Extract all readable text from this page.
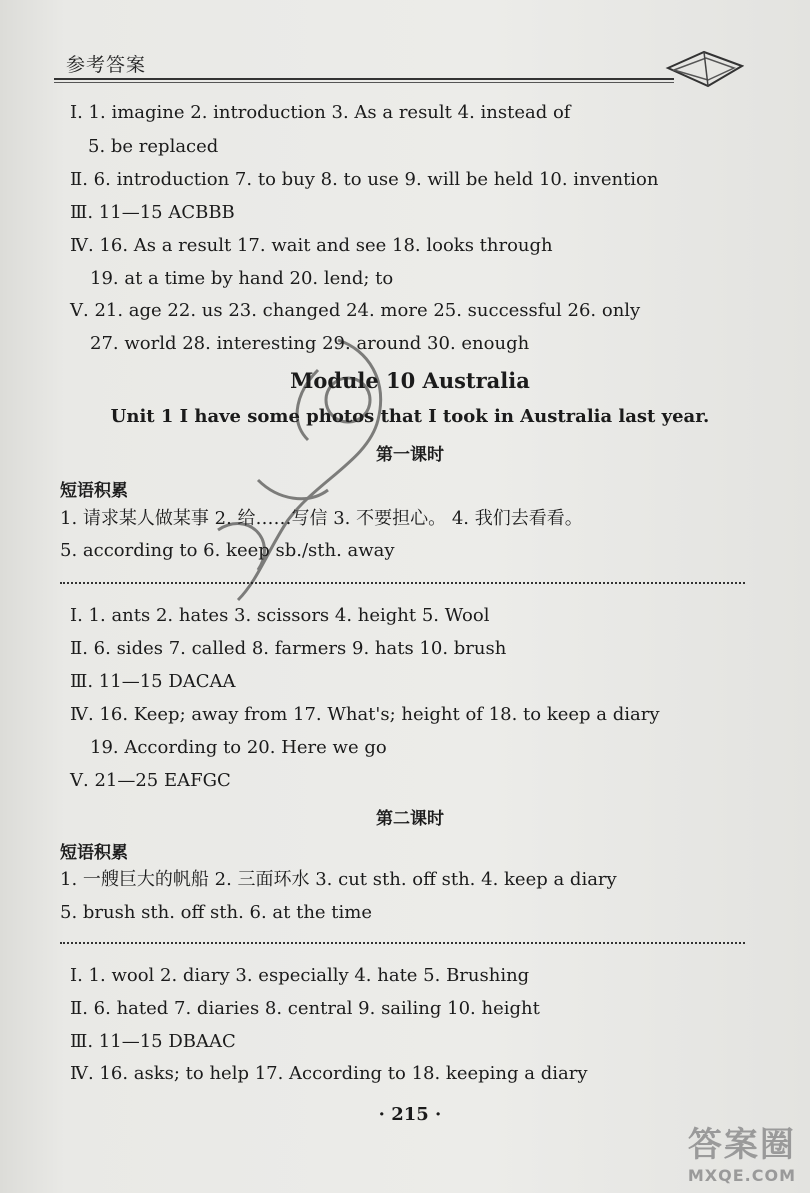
参考答案
Ⅰ. 1. imagine 2. introduction 3. As a result 4. instead of
5. be replaced
Ⅱ. 6. introduction 7. to buy 8. to use 9. will be held 10. invention
Ⅲ. 11—15 ACBBB
Ⅳ. 16. As a result 17. wait and see 18. looks through
19. at a time by hand 20. lend; to
Ⅴ. 21. age 22. us 23. changed 24. more 25. successful 26. only
27. world 28. interesting 29. around 30. enough
Module 10 Australia
Unit 1 I have some photos that I took in Australia last year.
第一课时
短语积累
1. 请求某人做某事 2. 给……写信 3. 不要担心。 4. 我们去看看。
5. according to 6. keep sb./sth. away
Ⅰ. 1. ants 2. hates 3. scissors 4. height 5. Wool
Ⅱ. 6. sides 7. called 8. farmers 9. hats 10. brush
Ⅲ. 11—15 DACAA
Ⅳ. 16. Keep; away from 17. What's; height of 18. to keep a diary
19. According to 20. Here we go
Ⅴ. 21—25 EAFGC
第二课时
短语积累
1. 一艘巨大的帆船 2. 三面环水 3. cut sth. off sth. 4. keep a diary
5. brush sth. off sth. 6. at the time
Ⅰ. 1. wool 2. diary 3. especially 4. hate 5. Brushing
Ⅱ. 6. hated 7. diaries 8. central 9. sailing 10. height
Ⅲ. 11—15 DBAAC
Ⅳ. 16. asks; to help 17. According to 18. keeping a diary
· 215 ·
答案圈
MXQE.COM
